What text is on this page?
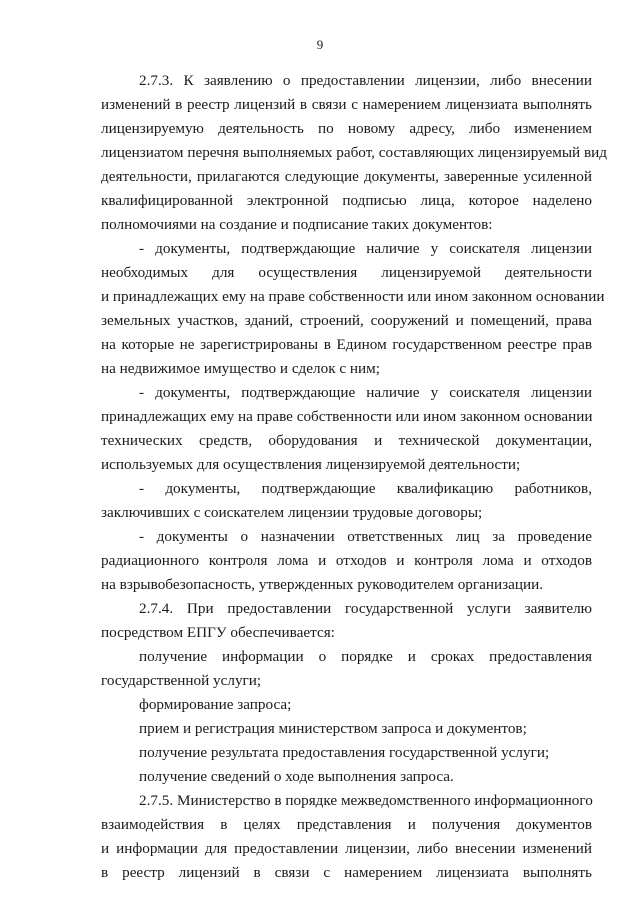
9
2.7.3. К заявлению о предоставлении лицензии, либо внесении
изменений в реестр лицензий в связи с намерением лицензиата выполнять
лицензируемую деятельность по новому адресу, либо изменением
лицензиатом перечня выполняемых работ, составляющих лицензируемый вид
деятельности, прилагаются следующие документы, заверенные усиленной
квалифицированной электронной подписью лица, которое наделено
полномочиями на создание и подписание таких документов:
- документы, подтверждающие наличие у соискателя лицензии
необходимых для осуществления лицензируемой деятельности
и принадлежащих ему на праве собственности или ином законном основании
земельных участков, зданий, строений, сооружений и помещений, права
на которые не зарегистрированы в Едином государственном реестре прав
на недвижимое имущество и сделок с ним;
- документы, подтверждающие наличие у соискателя лицензии
принадлежащих ему на праве собственности или ином законном основании
технических средств, оборудования и технической документации,
используемых для осуществления лицензируемой деятельности;
- документы, подтверждающие квалификацию работников,
заключивших с соискателем лицензии трудовые договоры;
- документы о назначении ответственных лиц за проведение
радиационного контроля лома и отходов и контроля лома и отходов
на взрывобезопасность, утвержденных руководителем организации.
2.7.4. При предоставлении государственной услуги заявителю
посредством ЕПГУ обеспечивается:
получение информации о порядке и сроках предоставления
государственной услуги;
формирование запроса;
прием и регистрация министерством запроса и документов;
получение результата предоставления государственной услуги;
получение сведений о ходе выполнения запроса.
2.7.5. Министерство в порядке межведомственного информационного
взаимодействия в целях представления и получения документов
и информации для предоставлении лицензии, либо внесении изменений
в реестр лицензий в связи с намерением лицензиата выполнять
